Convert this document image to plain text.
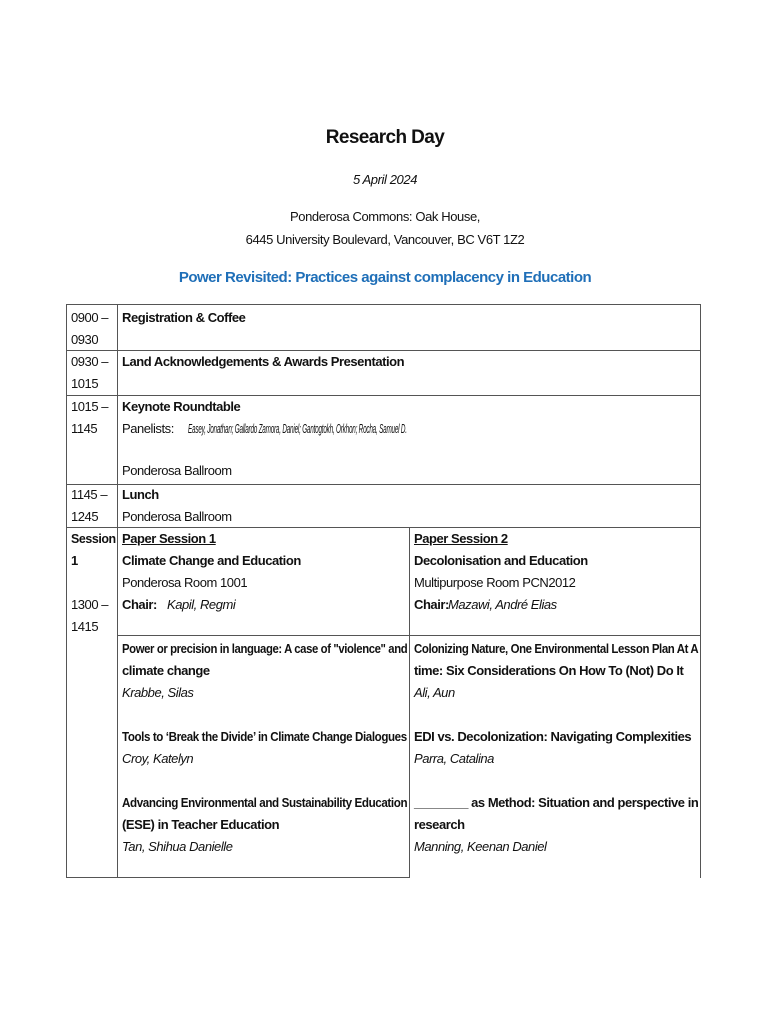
Research Day
5 April 2024
Ponderosa Commons: Oak House,
6445 University Boulevard, Vancouver, BC V6T 1Z2
Power Revisited: Practices against complacency in Education
0900 –
0930
Registration & Coffee
0930 –
1015
Land Acknowledgements & Awards Presentation
1015 –
1145
Keynote Roundtable
Panelists: Easey, Jonathan; Gallardo Zamora, Daniel; Gantogtokh, Orkhon; Rocha, Samuel D.
Ponderosa Ballroom
1145 –
1245
Lunch
Ponderosa Ballroom
Session
1
1300 –
1415
Paper Session 1
Climate Change and Education
Ponderosa Room 1001
Chair: Kapil, Regmi
Power or precision in language: A case of "violence" and
climate change
Krabbe, Silas
Tools to ‘Break the Divide’ in Climate Change Dialogues
Croy, Katelyn
Advancing Environmental and Sustainability Education
(ESE) in Teacher Education
Tan, Shihua Danielle
Paper Session 2
Decolonisation and Education
Multipurpose Room PCN2012
Chair: Mazawi, André Elias
Colonizing Nature, One Environmental Lesson Plan At A
time: Six Considerations On How To (Not) Do It
Ali, Aun
EDI vs. Decolonization: Navigating Complexities
Parra, Catalina
________ as Method: Situation and perspective in
research
Manning, Keenan Daniel
